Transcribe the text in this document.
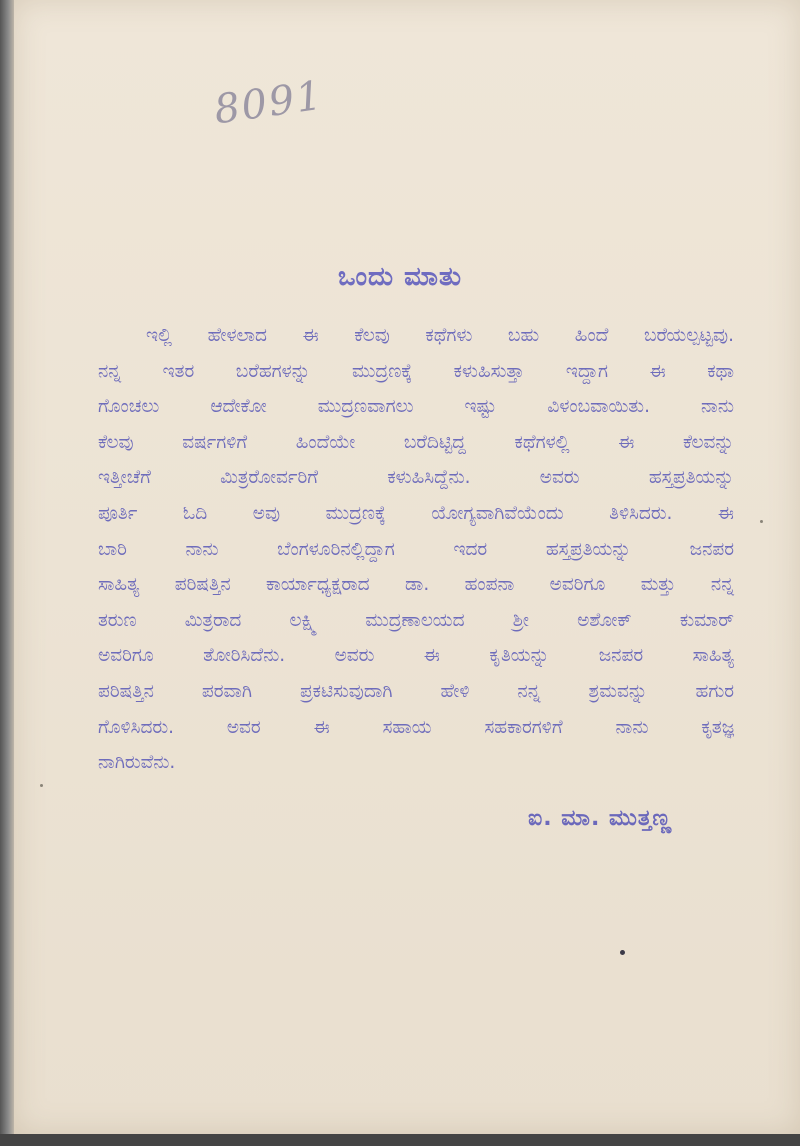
8091
ಒಂದು ಮಾತು
ಇಲ್ಲಿ ಹೇಳಲಾದ ಈ ಕೆಲವು ಕಥೆಗಳು ಬಹು ಹಿಂದೆ ಬರೆಯಲ್ಪಟ್ಟವು.
ನನ್ನ ಇತರ ಬರೆಹಗಳನ್ನು ಮುದ್ರಣಕ್ಕೆ ಕಳುಹಿಸುತ್ತಾ ಇದ್ದಾಗ ಈ ಕಥಾ
ಗೊಂಚಲು ಆದೇಕೋ ಮುದ್ರಣವಾಗಲು ಇಷ್ಟು ವಿಳಂಬವಾಯಿತು. ನಾನು
ಕೆಲವು ವರ್ಷಗಳಿಗೆ ಹಿಂದೆಯೇ ಬರೆದಿಟ್ಟಿದ್ದ ಕಥೆಗಳಲ್ಲಿ ಈ ಕೆಲವನ್ನು
ಇತ್ತೀಚೆಗೆ ಮಿತ್ರರೋರ್ವರಿಗೆ ಕಳುಹಿಸಿದ್ದೆನು. ಅವರು ಹಸ್ತಪ್ರತಿಯನ್ನು
ಪೂರ್ತಿ ಓದಿ ಅವು ಮುದ್ರಣಕ್ಕೆ ಯೋಗ್ಯವಾಗಿವೆಯೆಂದು ತಿಳಿಸಿದರು. ಈ
ಬಾರಿ ನಾನು ಬೆಂಗಳೂರಿನಲ್ಲಿದ್ದಾಗ ಇದರ ಹಸ್ತಪ್ರತಿಯನ್ನು ಜನಪರ
ಸಾಹಿತ್ಯ ಪರಿಷತ್ತಿನ ಕಾರ್ಯಾಧ್ಯಕ್ಷರಾದ ಡಾ. ಹಂಪನಾ ಅವರಿಗೂ ಮತ್ತು ನನ್ನ
ತರುಣ ಮಿತ್ರರಾದ ಲಕ್ಷ್ಮಿ ಮುದ್ರಣಾಲಯದ ಶ್ರೀ ಅಶೋಕ್ ಕುಮಾರ್
ಅವರಿಗೂ ತೋರಿಸಿದೆನು. ಅವರು ಈ ಕೃತಿಯನ್ನು ಜನಪರ ಸಾಹಿತ್ಯ
ಪರಿಷತ್ತಿನ ಪರವಾಗಿ ಪ್ರಕಟಿಸುವುದಾಗಿ ಹೇಳಿ ನನ್ನ ಶ್ರಮವನ್ನು ಹಗುರ
ಗೊಳಿಸಿದರು. ಅವರ ಈ ಸಹಾಯ ಸಹಕಾರಗಳಿಗೆ ನಾನು ಕೃತಜ್ಞ
ನಾಗಿರುವೆನು.
ಐ. ಮಾ. ಮುತ್ತಣ್ಣ
